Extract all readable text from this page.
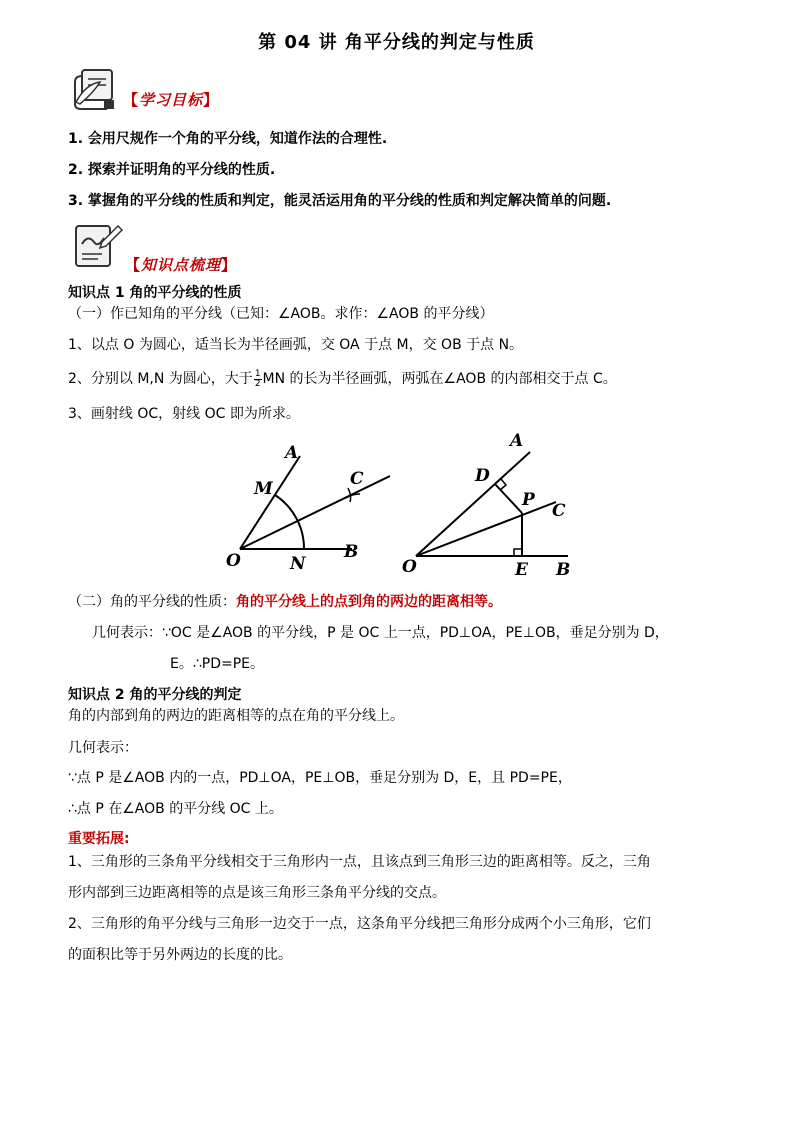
第 04 讲 角平分线的判定与性质
【学习目标】
1. 会用尺规作一个角的平分线，知道作法的合理性.
2. 探索并证明角的平分线的性质.
3. 掌握角的平分线的性质和判定，能灵活运用角的平分线的性质和判定解决简单的问题.
【知识点梳理】
知识点 1 角的平分线的性质
（一）作已知角的平分线（已知：∠AOB。求作：∠AOB 的平分线）
1、以点 O 为圆心，适当长为半径画弧，交 OA 于点 M，交 OB 于点 N。
2、分别以 M,N 为圆心，大于 $\frac{1}{2}$ MN 的长为半径画弧，两弧在∠AOB 的内部相交于点 C。
3、画射线 OC，射线 OC 即为所求。
A
M	C
O	N
B
A
D
P
C
O	E B
（二）角的平分线的性质：角的平分线上的点到角的两边的距离相等。
几何表示：∵OC 是∠AOB 的平分线，P 是 OC 上一点，PD⊥OA，PE⊥OB，垂足分别为 D，
E。∴PD=PE。
知识点 2 角的平分线的判定
角的内部到角的两边的距离相等的点在角的平分线上。
几何表示：
∵点 P 是∠AOB 内的一点，PD⊥OA，PE⊥OB，垂足分别为 D，E，且 PD=PE，
∴点 P 在∠AOB 的平分线 OC 上。
重要拓展:
1、三角形的三条角平分线相交于三角形内一点，且该点到三角形三边的距离相等。反之，三角
形内部到三边距离相等的点是该三角形三条角平分线的交点。
2、三角形的角平分线与三角形一边交于一点，这条角平分线把三角形分成两个小三角形，它们
的面积比等于另外两边的长度的比。
